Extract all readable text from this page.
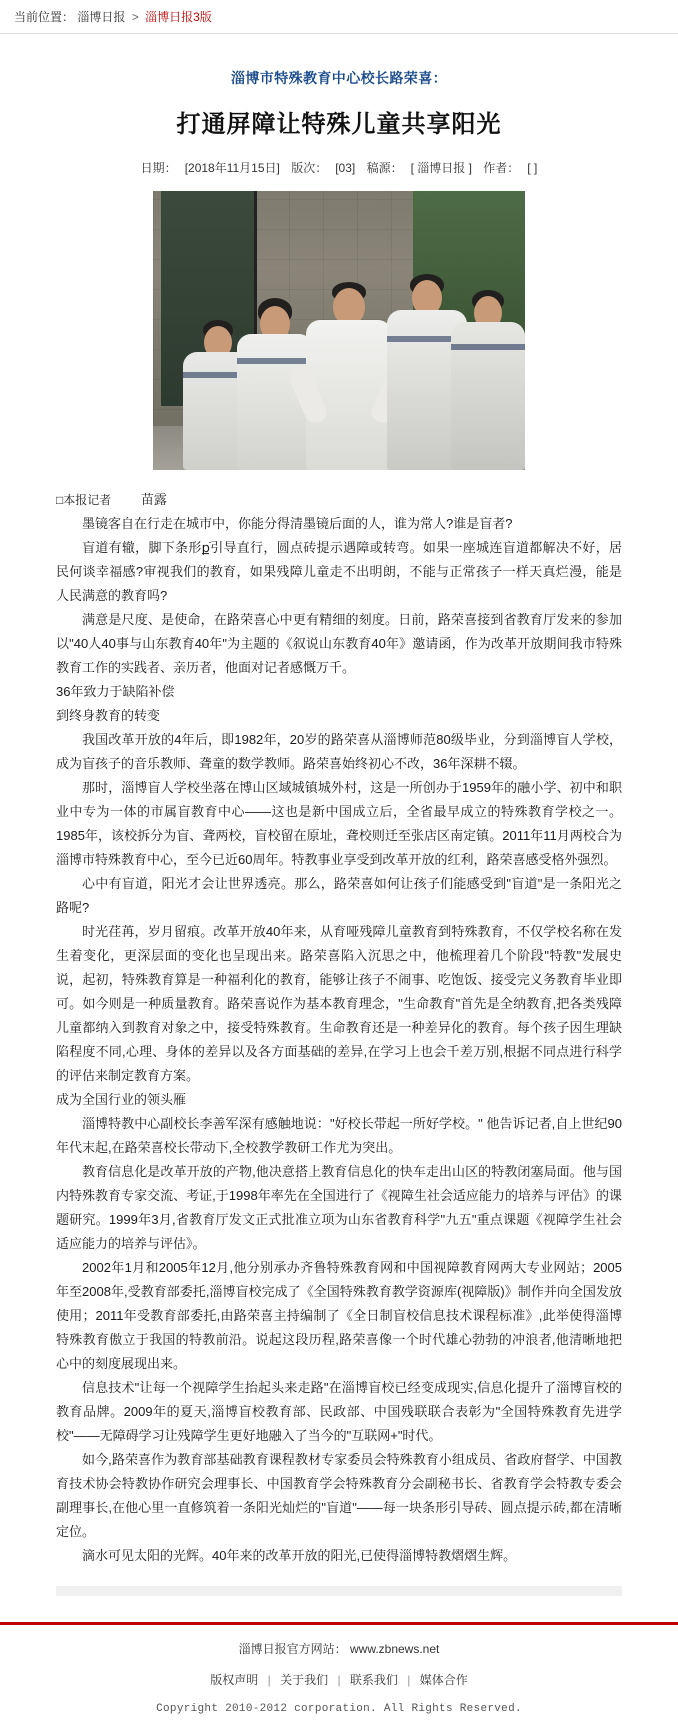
当前位置： 淄博日报 > 淄博日报3版
淄博市特殊教育中心校长路荣喜：
打通屏障让特殊儿童共享阳光
日期： [2018年11月15日] 版次： [03] 稿源： [ 淄博日报 ] 作者： [ ]
□本报记者 苗露

墨镜客自在行走在城市中，你能分得清墨镜后面的人，谁为常人?谁是盲者?

盲道有辙，脚下条形քֿ引导直行，圆点砖提示遇障或转弯。如果一座城连盲道都解决不好，居民何谈幸福感?审视我们的教育，如果残障儿童走不出明朗，不能与正常孩子一样天真烂漫，能是人民满意的教育吗?

满意是尺度、是使命，在路荣喜心中更有精细的刻度。日前，路荣喜接到省教育厅发来的参加以"40人40事与山东教育40年"为主题的《叙说山东教育40年》邀请函，作为改革开放期间我市特殊教育工作的实践者、亲历者，他面对记者感慨万千。

36年致力于缺陷补偿

到终身教育的转变

我国改革开放的4年后，即1982年，20岁的路荣喜从淄博师范80级毕业，分到淄博盲人学校，成为盲孩子的音乐教师、聋童的数学教师。路荣喜始终初心不改，36年深耕不辍。

那时，淄博盲人学校坐落在博山区域城镇城外村，这是一所创办于1959年的融小学、初中和职业中专为一体的市属盲教育中心——这也是新中国成立后，全省最早成立的特殊教育学校之一。1985年，该校拆分为盲、聋两校，盲校留在原址，聋校则迁至张店区南定镇。2011年11月两校合为淄博市特殊教育中心，至今已近60周年。特教事业享受到改革开放的红利，路荣喜感受格外强烈。

心中有盲道，阳光才会让世界透亮。那么，路荣喜如何让孩子们能感受到"盲道"是一条阳光之路呢?

时光荏苒，岁月留痕。改革开放40年来，从育哑残障儿童教育到特殊教育，不仅学校名称在发生着变化，更深层面的变化也呈现出来。路荣喜陷入沉思之中，他梳理着几个阶段"特教"发展史说，起初，特殊教育算是一种福利化的教育，能够让孩子不闹事、吃饱饭、接受完义务教育毕业即可。如今则是一种质量教育。路荣喜说作为基本教育理念，"生命教育"首先是全纳教育,把各类残障儿童都纳入到教育对象之中，接受特殊教育。生命教育还是一种差异化的教育。每个孩子因生理缺陷程度不同,心理、身体的差异以及各方面基础的差异,在学习上也会千差万别,根据不同点进行科学的评估来制定教育方案。

成为全国行业的领头雁

淄博特教中心副校长李善军深有感触地说："好校长带起一所好学校。" 他告诉记者,自上世纪90年代末起,在路荣喜校长带动下,全校教学教研工作尤为突出。

教育信息化是改革开放的产物,他决意搭上教育信息化的快车走出山区的特教闭塞局面。他与国内特殊教育专家交流、考证,于1998年率先在全国进行了《视障生社会适应能力的培养与评估》的课题研究。1999年3月,省教育厅发文正式批准立项为山东省教育科学"九五"重点课题《视障学生社会适应能力的培养与评估》。

2002年1月和2005年12月,他分别承办齐鲁特殊教育网和中国视障教育网两大专业网站；2005年至2008年,受教育部委托,淄博盲校完成了《全国特殊教育教学资源库(视障版)》制作并向全国发放使用；2011年受教育部委托,由路荣喜主持编制了《全日制盲校信息技术课程标准》,此举使得淄博特殊教育傲立于我国的特教前沿。说起这段历程,路荣喜像一个时代雄心勃勃的冲浪者,他清晰地把心中的刻度展现出来。

信息技术"让每一个视障学生抬起头来走路"在淄博盲校已经变成现实,信息化提升了淄博盲校的教育品牌。2009年的夏天,淄博盲校教育部、民政部、中国残联联合表彰为"全国特殊教育先进学校"——无障碍学习让残障学生更好地融入了当今的"互联网+"时代。

如今,路荣喜作为教育部基础教育课程教材专家委员会特殊教育小组成员、省政府督学、中国教育技术协会特教协作研究会理事长、中国教育学会特殊教育分会副秘书长、省教育学会特教专委会副理事长,在他心里一直修筑着一条阳光灿烂的"盲道"——每一块条形引导砖、圆点提示砖,都在清晰定位。

滴水可见太阳的光辉。40年来的改革开放的阳光,已使得淄博特教熠熠生辉。

淄博日报官方网站： www.zbnews.net
版权声明 | 关于我们 | 联系我们 | 媒体合作
Copyright 2010-2012 corporation. All Rights Reserved.
